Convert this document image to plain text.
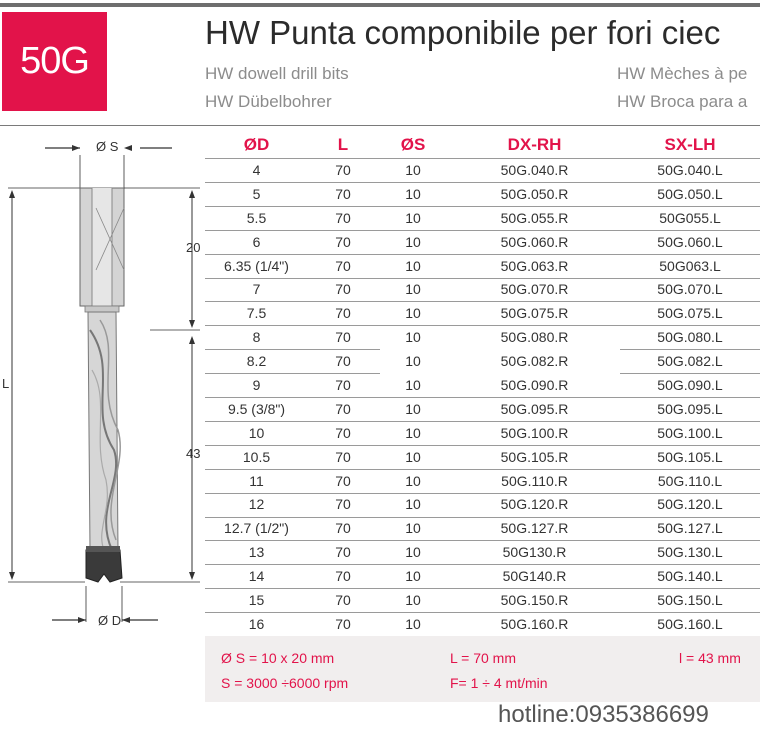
50G
HW Punta componibile per fori ciec
HW dowell drill bits
HW Dübelbohrer
HW Mèches à pe
HW Broca para a
Ø S
Ø D
L
20
43
ØD	L	ØS	DX-RH	SX-LH
4	70	10	50G.040.R	50G.040.L
5	70	10	50G.050.R	50G.050.L
5.5	70	10	50G.055.R	50G055.L
6	70	10	50G.060.R	50G.060.L
6.35 (1/4")	70	10	50G.063.R	50G063.L
7	70	10	50G.070.R	50G.070.L
7.5	70	10	50G.075.R	50G.075.L
8	70	10	50G.080.R	50G.080.L
8.2	70	10	50G.082.R	50G.082.L
9	70	10	50G.090.R	50G.090.L
9.5 (3/8")	70	10	50G.095.R	50G.095.L
10	70	10	50G.100.R	50G.100.L
10.5	70	10	50G.105.R	50G.105.L
11	70	10	50G.110.R	50G.110.L
12	70	10	50G.120.R	50G.120.L
12.7 (1/2")	70	10	50G.127.R	50G.127.L
13	70	10	50G130.R	50G.130.L
14	70	10	50G140.R	50G.140.L
15	70	10	50G.150.R	50G.150.L
16	70	10	50G.160.R	50G.160.L
Ø S = 10 x 20 mm
S = 3000 ÷6000 rpm
L = 70 mm
F= 1 ÷ 4 mt/min
l = 43 mm
hotline:0935386699
